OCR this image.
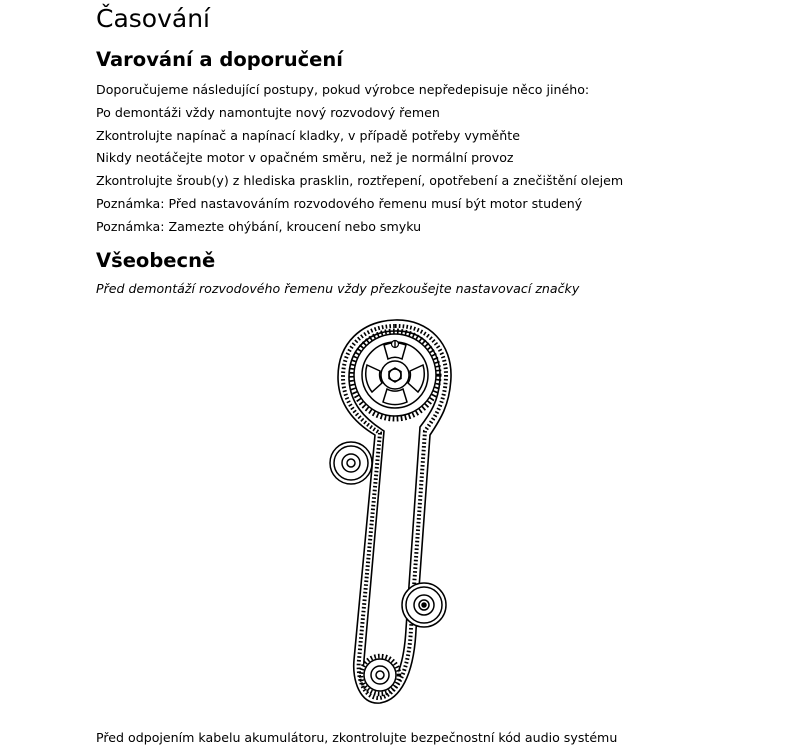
Časování
Varování a doporučení
Doporučujeme následující postupy, pokud výrobce nepředepisuje něco jiného:
Po demontáži vždy namontujte nový rozvodový řemen
Zkontrolujte napínač a napínací kladky, v případě potřeby vyměňte
Nikdy neotáčejte motor v opačném směru, než je normální provoz
Zkontrolujte šroub(y) z hlediska prasklin, roztřepení, opotřebení a znečištění olejem
Poznámka: Před nastavováním rozvodového řemenu musí být motor studený
Poznámka: Zamezte ohýbání, kroucení nebo smyku
Všeobecně

Před demontáží rozvodového řemenu vždy přezkoušejte nastavovací značky

Před odpojením kabelu akumulátoru, zkontrolujte bezpečnostní kód audio systému
